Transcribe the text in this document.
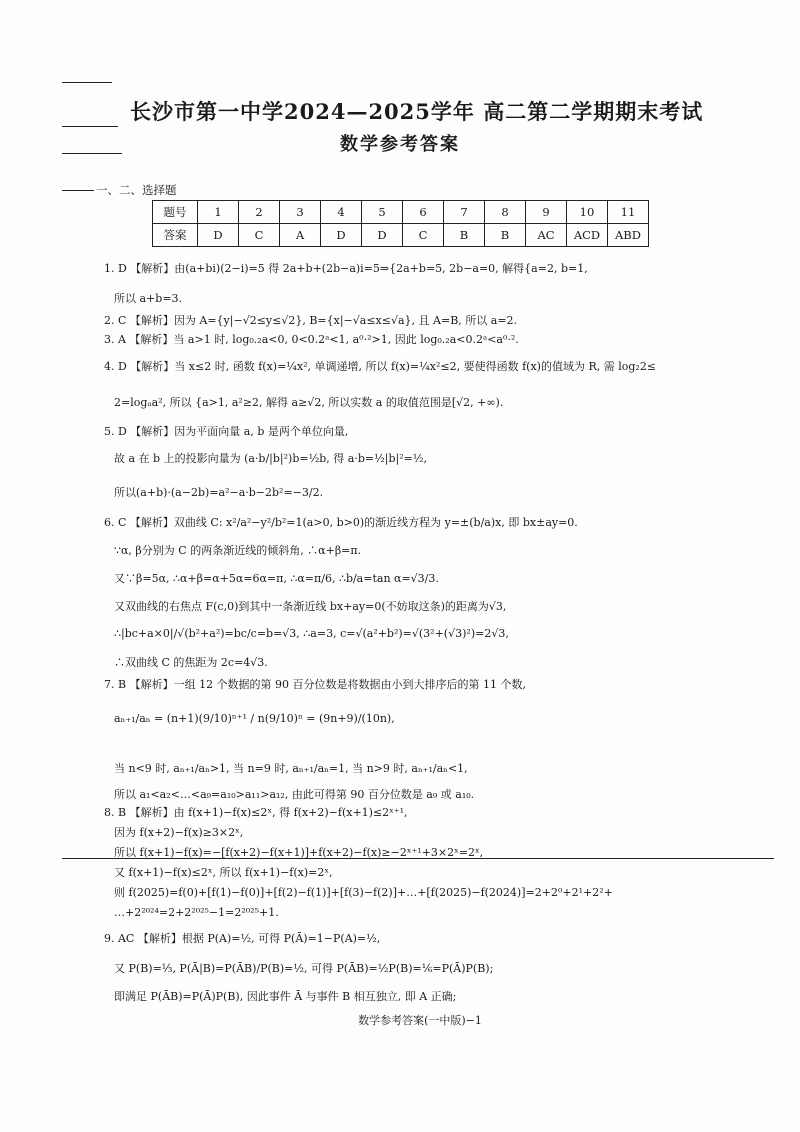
长沙市第一中学2024—2025学年 高二第二学期期末考试
数学参考答案
一、二、选择题
题号	1	2	3	4	5	6	7	8	9	10	11
答案	D	C	A	D	D	C	B	B	AC	ACD	ABD
1. D 【解析】由(a+bi)(2−i)=5 得 2a+b+(2b−a)i=5⇒{2a+b=5, 2b−a=0, 解得{a=2, b=1,
所以 a+b=3.
2. C 【解析】因为 A={y|−√2≤y≤√2}, B={x|−√a≤x≤√a}, 且 A=B, 所以 a=2.
3. A 【解析】当 a>1 时, log₀.₂a<0, 0<0.2ᵃ<1, a⁰·²>1, 因此 log₀.₂a<0.2ᵃ<a⁰·².
4. D 【解析】当 x≤2 时, 函数 f(x)=¼x², 单调递增, 所以 f(x)=¼x²≤2, 要使得函数 f(x)的值域为 R, 需 log₂2≤
2=logₐa², 所以 {a>1, a²≥2, 解得 a≥√2, 所以实数 a 的取值范围是[√2, +∞).
5. D 【解析】因为平面向量 a, b 是两个单位向量,
故 a 在 b 上的投影向量为 (a·b/|b|²)b=½b, 得 a·b=½|b|²=½,
所以(a+b)·(a−2b)=a²−a·b−2b²=−3/2.
6. C 【解析】双曲线 C: x²/a²−y²/b²=1(a>0, b>0)的渐近线方程为 y=±(b/a)x, 即 bx±ay=0.
∵α, β分别为 C 的两条渐近线的倾斜角, ∴α+β=π.
又∵β=5α, ∴α+β=α+5α=6α=π, ∴α=π/6, ∴b/a=tan α=√3/3.
又双曲线的右焦点 F(c,0)到其中一条渐近线 bx+ay=0(不妨取这条)的距离为√3,
∴|bc+a×0|/√(b²+a²)=bc/c=b=√3, ∴a=3, c=√(a²+b²)=√(3²+(√3)²)=2√3,
∴双曲线 C 的焦距为 2c=4√3.
7. B 【解析】一组 12 个数据的第 90 百分位数是将数据由小到大排序后的第 11 个数,
aₙ₊₁/aₙ = (n+1)(9/10)ⁿ⁺¹ / n(9/10)ⁿ = (9n+9)/(10n),
当 n<9 时, aₙ₊₁/aₙ>1, 当 n=9 时, aₙ₊₁/aₙ=1, 当 n>9 时, aₙ₊₁/aₙ<1,
所以 a₁<a₂<…<a₉=a₁₀>a₁₁>a₁₂, 由此可得第 90 百分位数是 a₉ 或 a₁₀.
8. B 【解析】由 f(x+1)−f(x)≤2ˣ, 得 f(x+2)−f(x+1)≤2ˣ⁺¹,
因为 f(x+2)−f(x)≥3×2ˣ,
所以 f(x+1)−f(x)=−[f(x+2)−f(x+1)]+f(x+2)−f(x)≥−2ˣ⁺¹+3×2ˣ=2ˣ,
又 f(x+1)−f(x)≤2ˣ, 所以 f(x+1)−f(x)=2ˣ,
则 f(2025)=f(0)+[f(1)−f(0)]+[f(2)−f(1)]+[f(3)−f(2)]+…+[f(2025)−f(2024)]=2+2⁰+2¹+2²+
…+2²⁰²⁴=2+2²⁰²⁵−1=2²⁰²⁵+1.
9. AC 【解析】根据 P(A)=½, 可得 P(Ā)=1−P(A)=½,
又 P(B)=⅓, P(Ā|B)=P(ĀB)/P(B)=½, 可得 P(ĀB)=½P(B)=⅙=P(Ā)P(B);
即满足 P(ĀB)=P(Ā)P(B), 因此事件 Ā 与事件 B 相互独立, 即 A 正确;
数学参考答案(一中版)−1
